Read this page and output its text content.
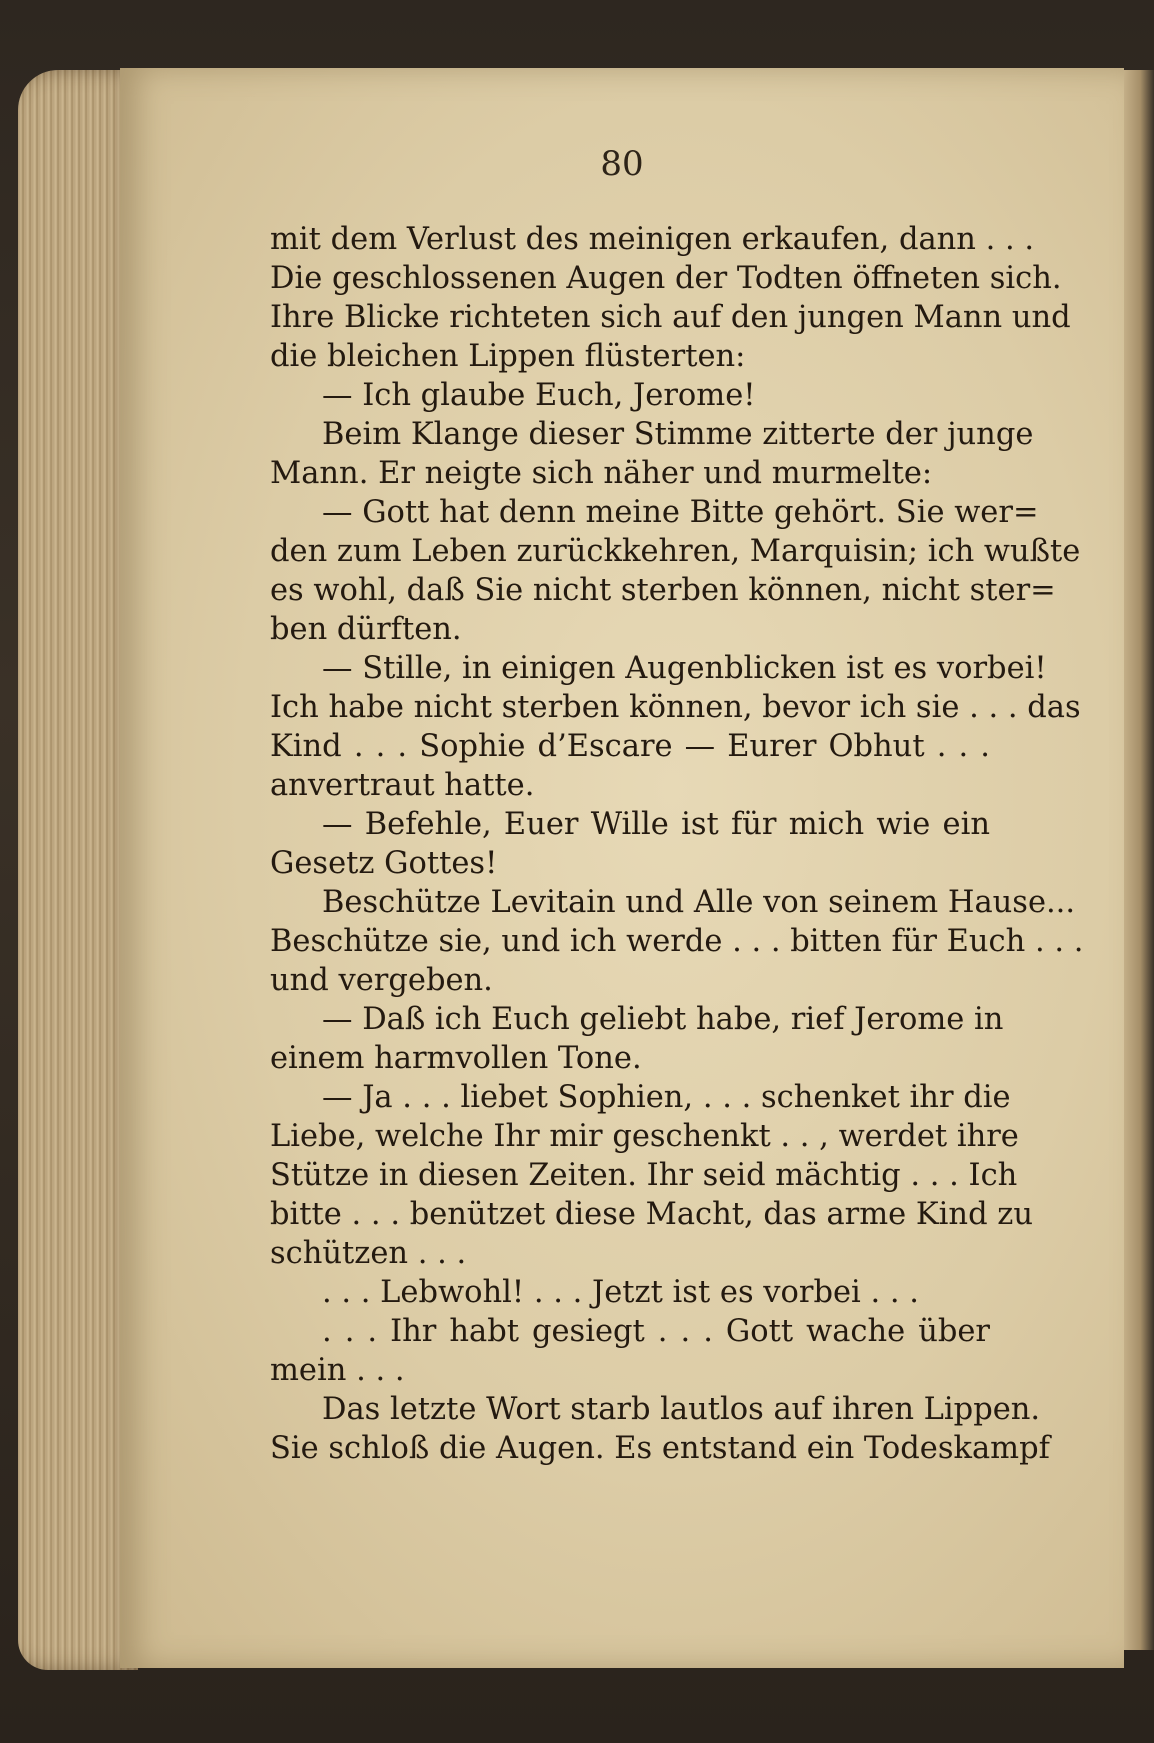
80
mit dem Verlust des meinigen erkaufen, dann . . .
Die geschlossenen Augen der Todten öffneten sich.
Ihre Blicke richteten sich auf den jungen Mann und
die bleichen Lippen flüsterten:
— Ich glaube Euch, Jerome!
Beim Klange dieser Stimme zitterte der junge
Mann. Er neigte sich näher und murmelte:
— Gott hat denn meine Bitte gehört. Sie wer=
den zum Leben zurückkehren, Marquisin; ich wußte
es wohl, daß Sie nicht sterben können, nicht ster=
ben dürften.
— Stille, in einigen Augenblicken ist es vorbei!
Ich habe nicht sterben können, bevor ich sie . . . das
Kind . . . Sophie d’Escare — Eurer Obhut . . .
anvertraut hatte.
— Befehle, Euer Wille ist für mich wie ein
Gesetz Gottes!
Beschütze Levitain und Alle von seinem Hause...
Beschütze sie, und ich werde . . . bitten für Euch . . .
und vergeben.
— Daß ich Euch geliebt habe, rief Jerome in
einem harmvollen Tone.
— Ja . . . liebet Sophien, . . . schenket ihr die
Liebe, welche Ihr mir geschenkt . . , werdet ihre
Stütze in diesen Zeiten. Ihr seid mächtig . . . Ich
bitte . . . benützet diese Macht, das arme Kind zu
schützen . . .
. . . Lebwohl! . . . Jetzt ist es vorbei . . .
. . . Ihr habt gesiegt . . . Gott wache über
mein . . .
Das letzte Wort starb lautlos auf ihren Lippen.
Sie schloß die Augen. Es entstand ein Todeskampf
